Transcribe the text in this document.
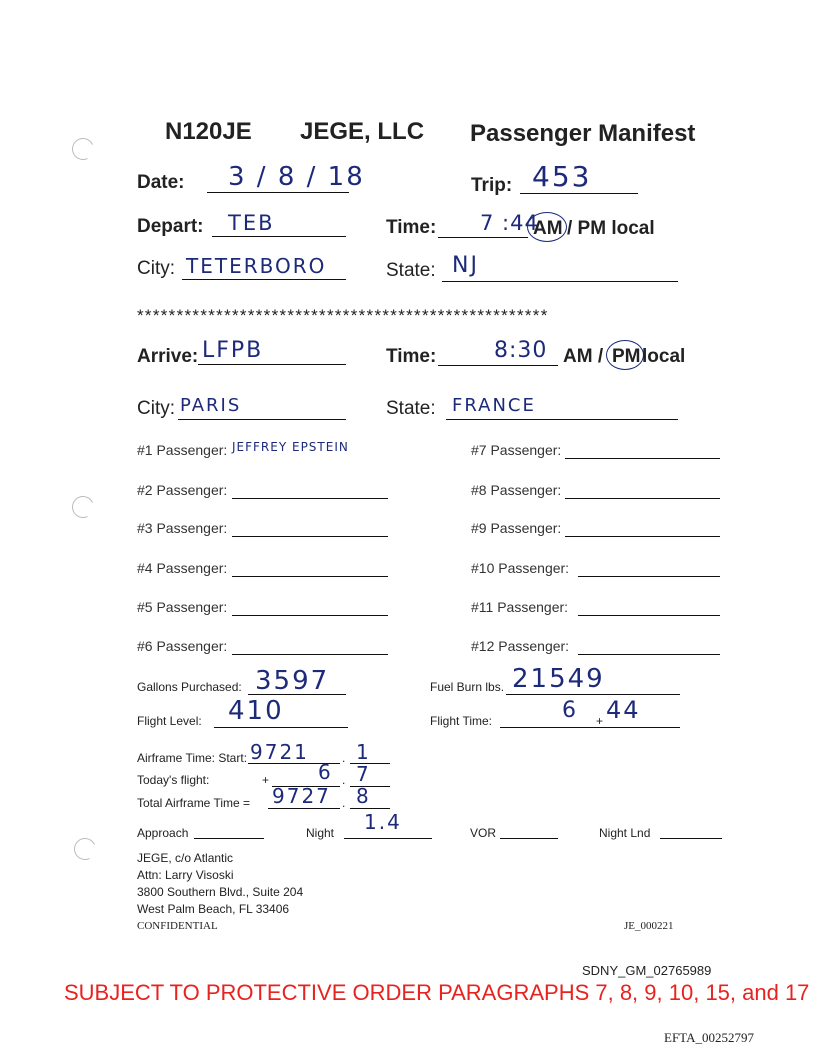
N120JE JEGE, LLC Passenger Manifest
Date: 3 / 8 / 18	Trip: 453
Depart: TEB	Time: 7 :44
AM / PM local
City: TETERBORO	State: NJ
****************************************************
Arrive: LFPB	Time:	8:30 AM / PM local
City: PARIS	State: FRANCE
#1 Passenger: JEFFREY EPSTEIN
#2 Passenger:
#3 Passenger:
#4 Passenger:
#5 Passenger:
#6 Passenger:
#7 Passenger:
#8 Passenger:
#9 Passenger:
#10 Passenger:
#11 Passenger:
#12 Passenger:
Gallons Purchased: 3597	Fuel Burn lbs. 21549
Flight Level: 410	Flight Time:	6 + 44
Airframe Time: Start: 9721	. 1
Today's flight:	+ 6 . 7
Total Airframe Time = 9727 . 8
Approach	Night 1.4	VOR	Night Lnd
JEGE, c/o Atlantic
Attn: Larry Visoski
3800 Southern Blvd., Suite 204
West Palm Beach, FL 33406
CONFIDENTIAL	JE_000221
SDNY_GM_02765989
SUBJECT TO PROTECTIVE ORDER PARAGRAPHS 7, 8, 9, 10, 15, and 17
EFTA_00252797
